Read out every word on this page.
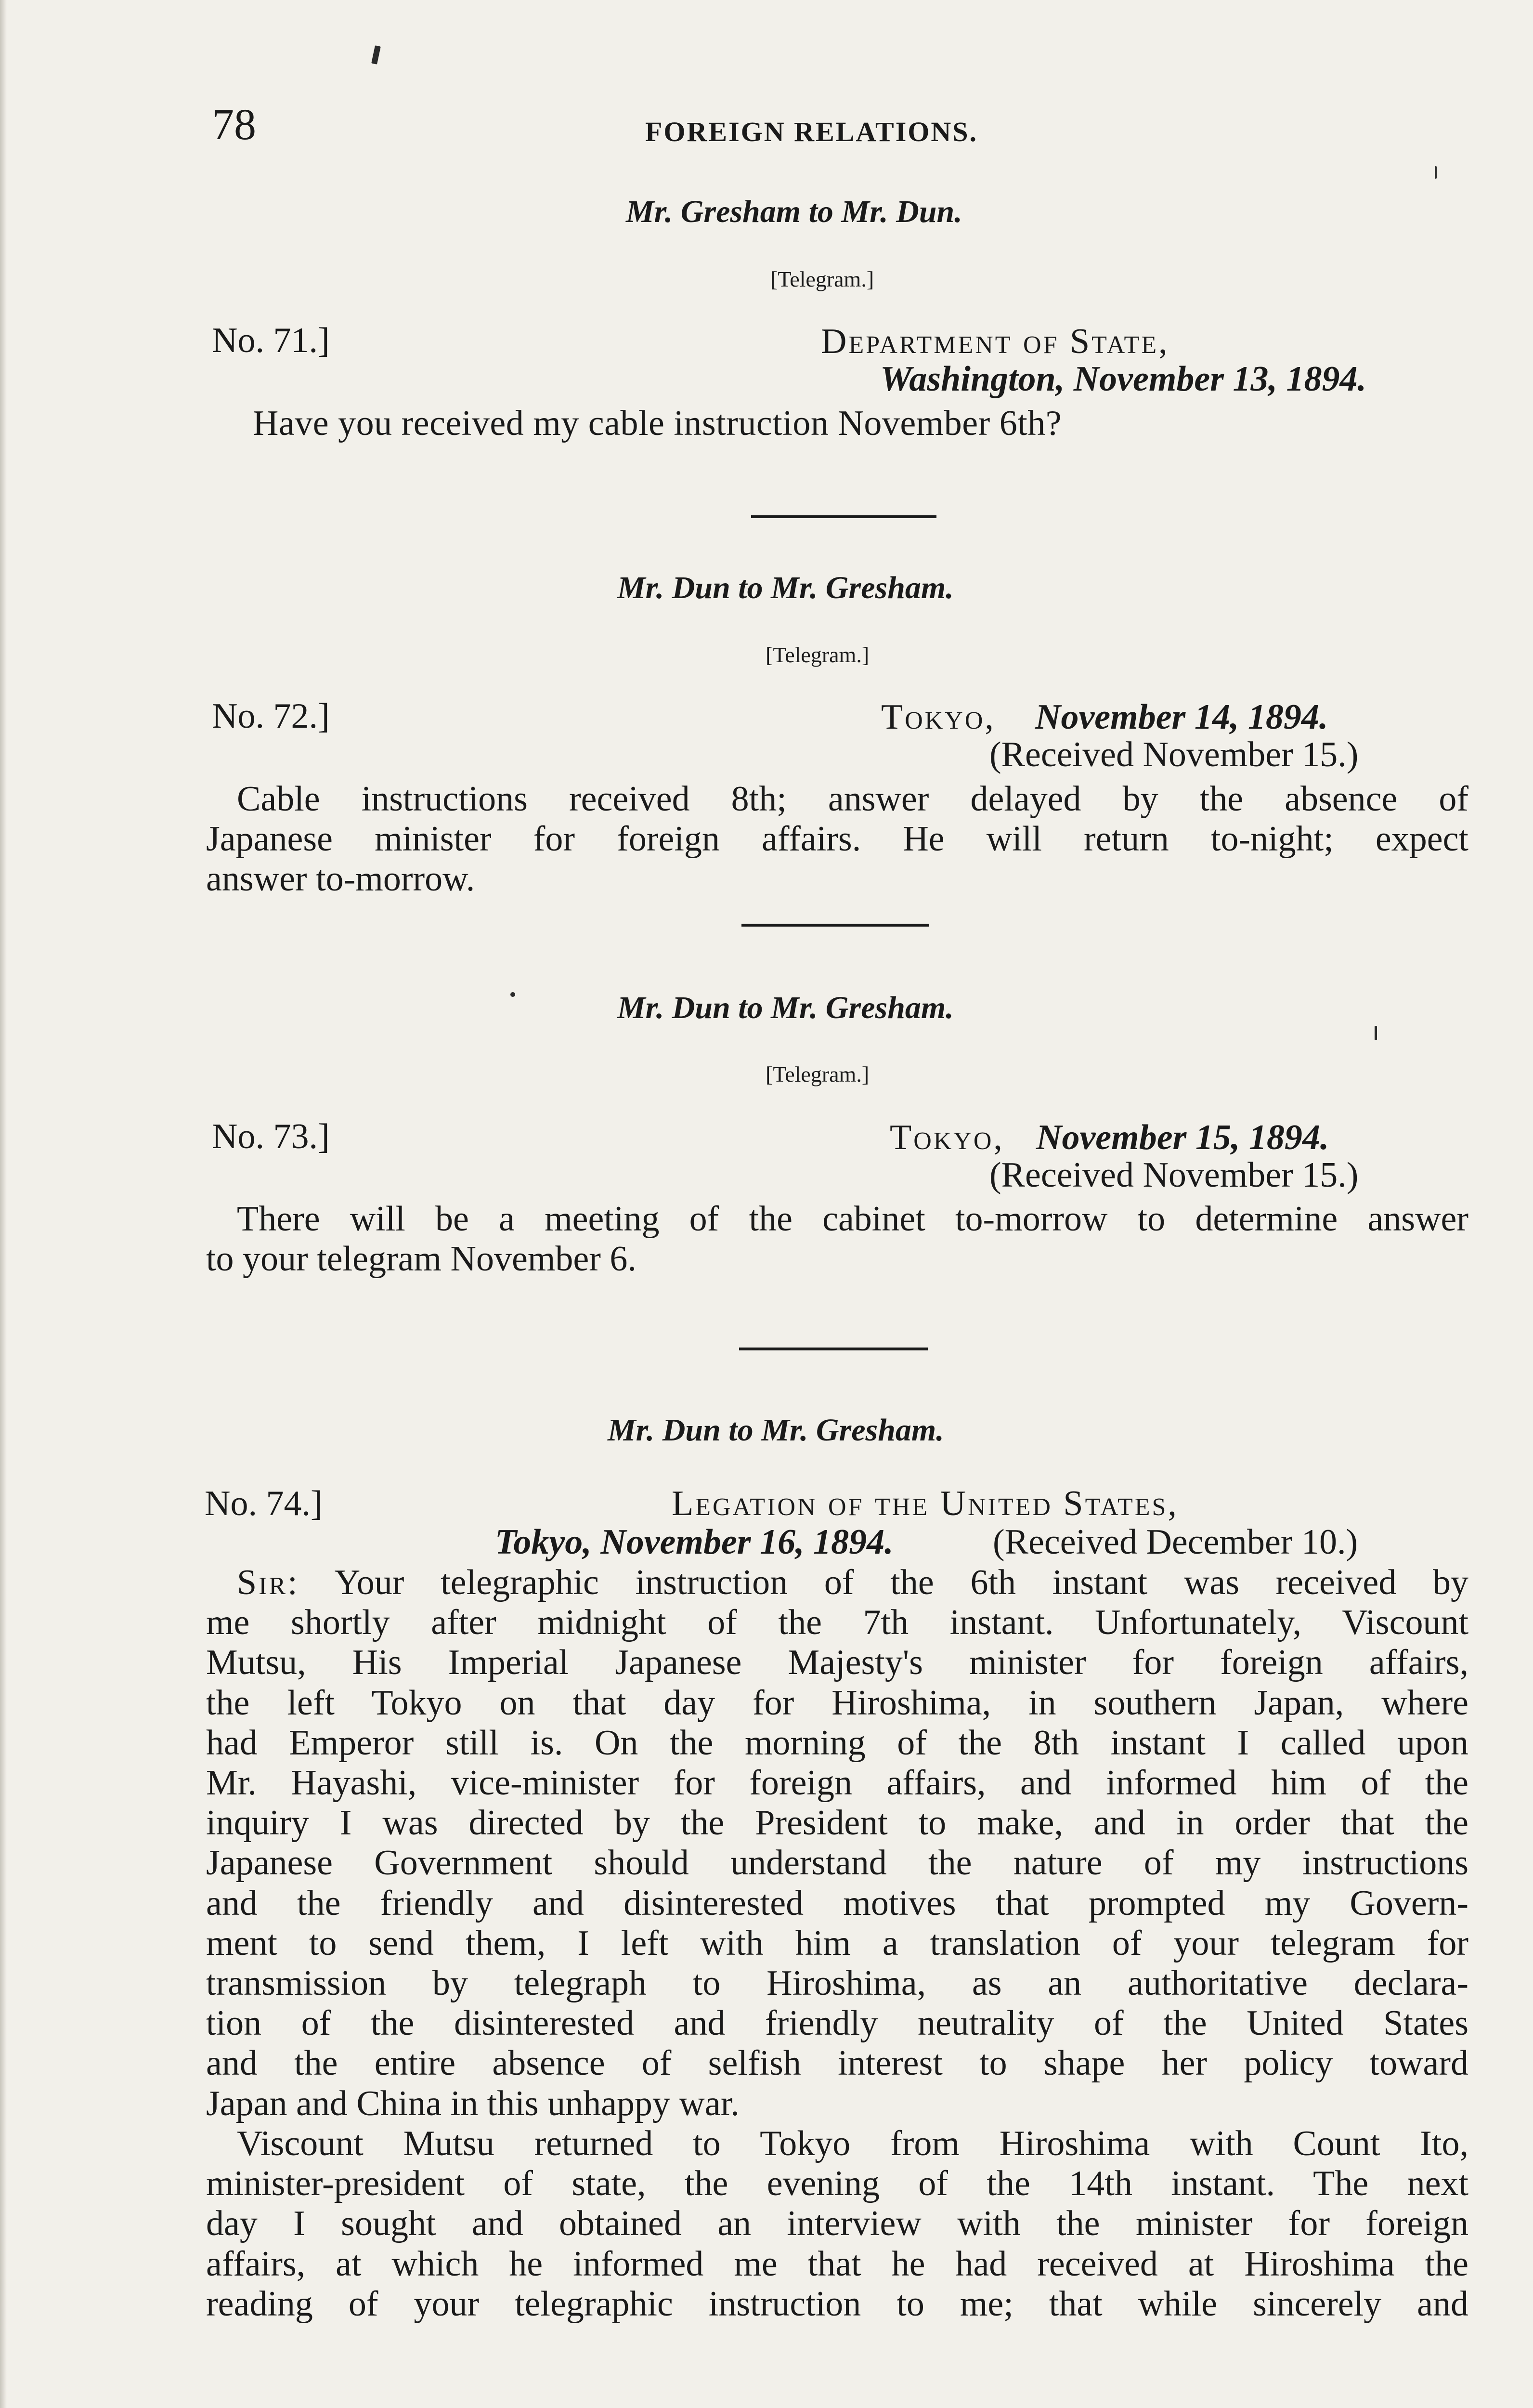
78	FOREIGN RELATIONS.
Mr. Gresham to Mr. Dun.
[Telegram.]
No. 71.]	Department of State,
Washington, November 13, 1894.
Have you received my cable instruction November 6th?
Mr. Dun to Mr. Gresham.
[Telegram.]
No. 72.]	Tokyo, November 14, 1894.
(Received November 15.)
Cable instructions received 8th; answer delayed by the absence of
Japanese minister for foreign affairs. He will return to-night; expect
answer to-morrow.
Mr. Dun to Mr. Gresham.
[Telegram.]
No. 73.]	Tokyo, November 15, 1894.
(Received November 15.)
There will be a meeting of the cabinet to-morrow to determine answer
to your telegram November 6.
Mr. Dun to Mr. Gresham.
No. 74.]	Legation of the United States,
Tokyo, November 16, 1894.	(Received December 10.)
Sir: Your telegraphic instruction of the 6th instant was received by
me shortly after midnight of the 7th instant. Unfortunately, Viscount
Mutsu, His Imperial Japanese Majesty's minister for foreign affairs,
the left Tokyo on that day for Hiroshima, in southern Japan, where
had Emperor still is. On the morning of the 8th instant I called upon
Mr. Hayashi, vice-minister for foreign affairs, and informed him of the
inquiry I was directed by the President to make, and in order that the
Japanese Government should understand the nature of my instructions
and the friendly and disinterested motives that prompted my Govern-
ment to send them, I left with him a translation of your telegram for
transmission by telegraph to Hiroshima, as an authoritative declara-
tion of the disinterested and friendly neutrality of the United States
and the entire absence of selfish interest to shape her policy toward
Japan and China in this unhappy war.
Viscount Mutsu returned to Tokyo from Hiroshima with Count Ito,
minister-president of state, the evening of the 14th instant. The next
day I sought and obtained an interview with the minister for foreign
affairs, at which he informed me that he had received at Hiroshima the
reading of your telegraphic instruction to me; that while sincerely and
